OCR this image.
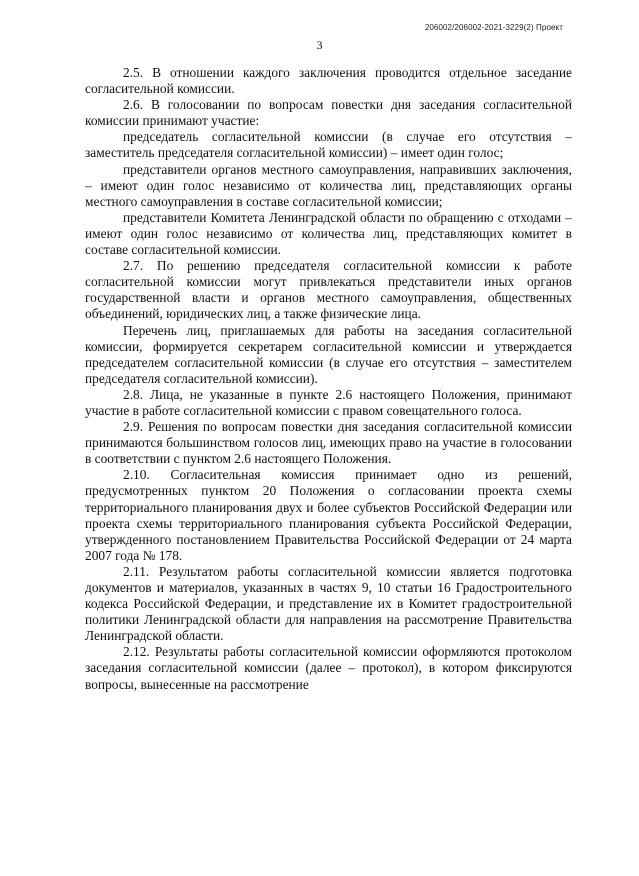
206002/206002-2021-3229(2) Проект
3

2.5. В отношении каждого заключения проводится отдельное заседание согласительной комиссии.

2.6. В голосовании по вопросам повестки дня заседания согласительной комиссии принимают участие:

председатель согласительной комиссии (в случае его отсутствия – заместитель председателя согласительной комиссии) – имеет один голос;

представители органов местного самоуправления, направивших заключения, – имеют один голос независимо от количества лиц, представляющих органы местного самоуправления в составе согласительной комиссии;

представители Комитета Ленинградской области по обращению с отходами – имеют один голос независимо от количества лиц, представляющих комитет в составе согласительной комиссии.

2.7. По решению председателя согласительной комиссии к работе согласительной комиссии могут привлекаться представители иных органов государственной власти и органов местного самоуправления, общественных объединений, юридических лиц, а также физические лица.

Перечень лиц, приглашаемых для работы на заседания согласительной комиссии, формируется секретарем согласительной комиссии и утверждается председателем согласительной комиссии (в случае его отсутствия – заместителем председателя согласительной комиссии).

2.8. Лица, не указанные в пункте 2.6 настоящего Положения, принимают участие в работе согласительной комиссии с правом совещательного голоса.

2.9. Решения по вопросам повестки дня заседания согласительной комиссии принимаются большинством голосов лиц, имеющих право на участие в голосовании в соответствии с пунктом 2.6 настоящего Положения.

2.10. Согласительная комиссия принимает одно из решений, предусмотренных пунктом 20 Положения о согласовании проекта схемы территориального планирования двух и более субъектов Российской Федерации или проекта схемы территориального планирования субъекта Российской Федерации, утвержденного постановлением Правительства Российской Федерации от 24 марта 2007 года № 178.

2.11. Результатом работы согласительной комиссии является подготовка документов и материалов, указанных в частях 9, 10 статьи 16 Градостроительного кодекса Российской Федерации, и представление их в Комитет градостроительной политики Ленинградской области для направления на рассмотрение Правительства Ленинградской области.

2.12. Результаты работы согласительной комиссии оформляются протоколом заседания согласительной комиссии (далее – протокол), в котором фиксируются вопросы, вынесенные на рассмотрение
